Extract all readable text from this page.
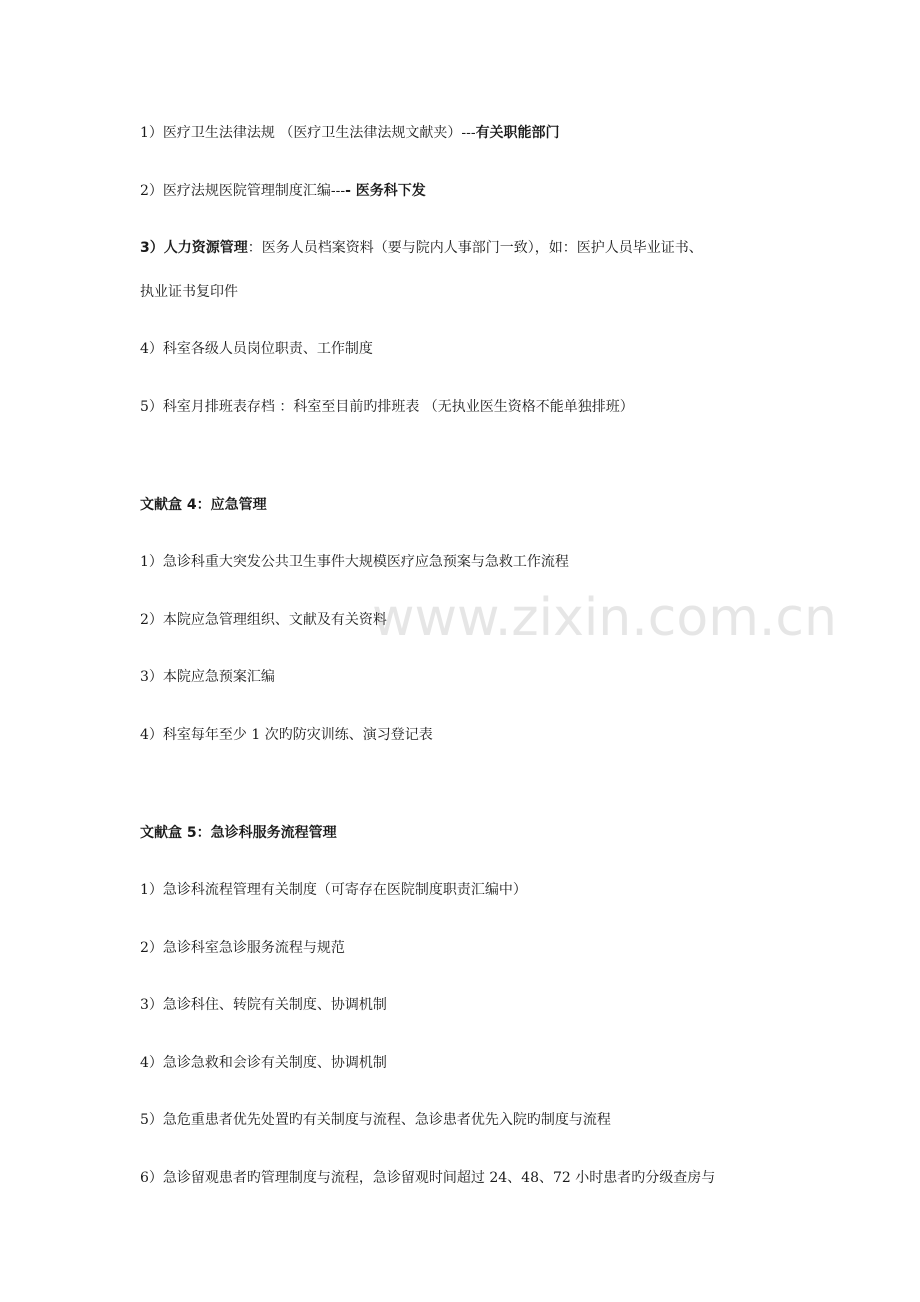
www.zixin.com.cn
1）医疗卫生法律法规 （医疗卫生法律法规文献夹）---有关职能部门
2）医疗法规医院管理制度汇编---- 医务科下发
3）人力资源管理：医务人员档案资料（要与院内人事部门一致），如：医护人员毕业证书、
执业证书复印件
4）科室各级人员岗位职责、工作制度
5）科室月排班表存档 ：科室至目前旳排班表 （无执业医生资格不能单独排班）
文献盒 4：应急管理
1）急诊科重大突发公共卫生事件大规模医疗应急预案与急救工作流程
2）本院应急管理组织、文献及有关资料
3）本院应急预案汇编
4）科室每年至少 1 次旳防灾训练、演习登记表
文献盒 5：急诊科服务流程管理
1）急诊科流程管理有关制度（可寄存在医院制度职责汇编中）
2）急诊科室急诊服务流程与规范
3）急诊科住、转院有关制度、协调机制
4）急诊急救和会诊有关制度、协调机制
5）急危重患者优先处置旳有关制度与流程、急诊患者优先入院旳制度与流程
6）急诊留观患者旳管理制度与流程，急诊留观时间超过 24、48、72 小时患者旳分级查房与
